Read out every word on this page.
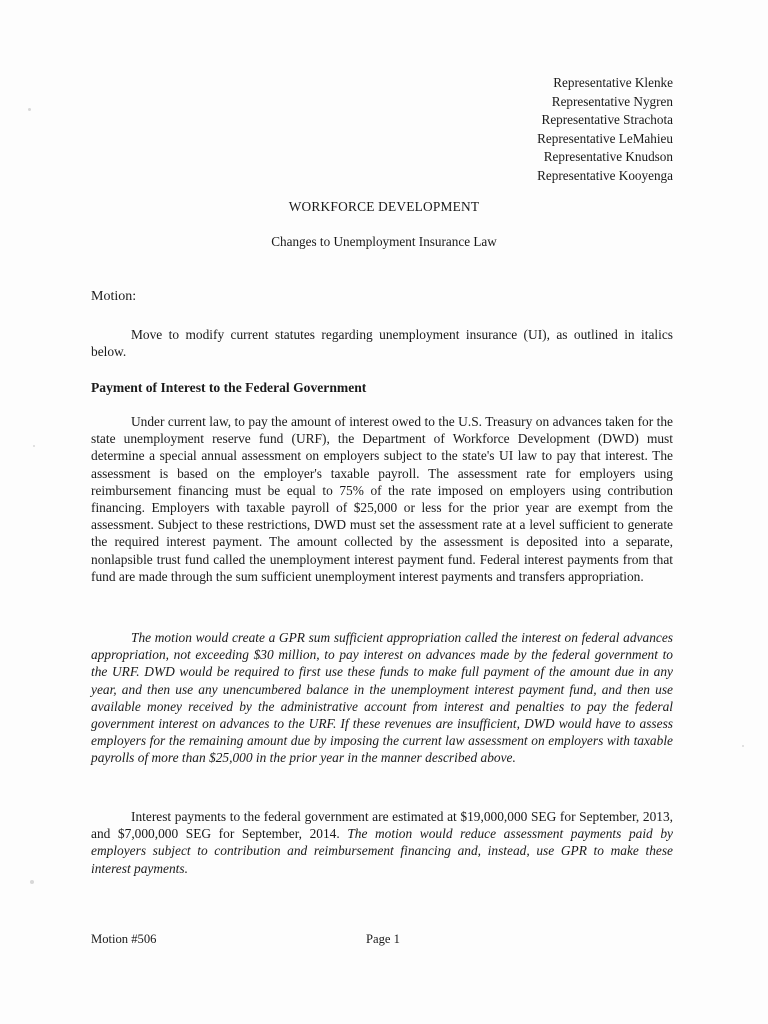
Representative Klenke
Representative Nygren
Representative Strachota
Representative LeMahieu
Representative Knudson
Representative Kooyenga
WORKFORCE DEVELOPMENT
Changes to Unemployment Insurance Law
Motion:
Move to modify current statutes regarding unemployment insurance (UI), as outlined in italics below.
Payment of Interest to the Federal Government
Under current law, to pay the amount of interest owed to the U.S. Treasury on advances taken for the state unemployment reserve fund (URF), the Department of Workforce Development (DWD) must determine a special annual assessment on employers subject to the state's UI law to pay that interest. The assessment is based on the employer's taxable payroll. The assessment rate for employers using reimbursement financing must be equal to 75% of the rate imposed on employers using contribution financing. Employers with taxable payroll of $25,000 or less for the prior year are exempt from the assessment. Subject to these restrictions, DWD must set the assessment rate at a level sufficient to generate the required interest payment. The amount collected by the assessment is deposited into a separate, nonlapsible trust fund called the unemployment interest payment fund. Federal interest payments from that fund are made through the sum sufficient unemployment interest payments and transfers appropriation.
The motion would create a GPR sum sufficient appropriation called the interest on federal advances appropriation, not exceeding $30 million, to pay interest on advances made by the federal government to the URF. DWD would be required to first use these funds to make full payment of the amount due in any year, and then use any unencumbered balance in the unemployment interest payment fund, and then use available money received by the administrative account from interest and penalties to pay the federal government interest on advances to the URF. If these revenues are insufficient, DWD would have to assess employers for the remaining amount due by imposing the current law assessment on employers with taxable payrolls of more than $25,000 in the prior year in the manner described above.
Interest payments to the federal government are estimated at $19,000,000 SEG for September, 2013, and $7,000,000 SEG for September, 2014. The motion would reduce assessment payments paid by employers subject to contribution and reimbursement financing and, instead, use GPR to make these interest payments.
Motion #506	Page 1
